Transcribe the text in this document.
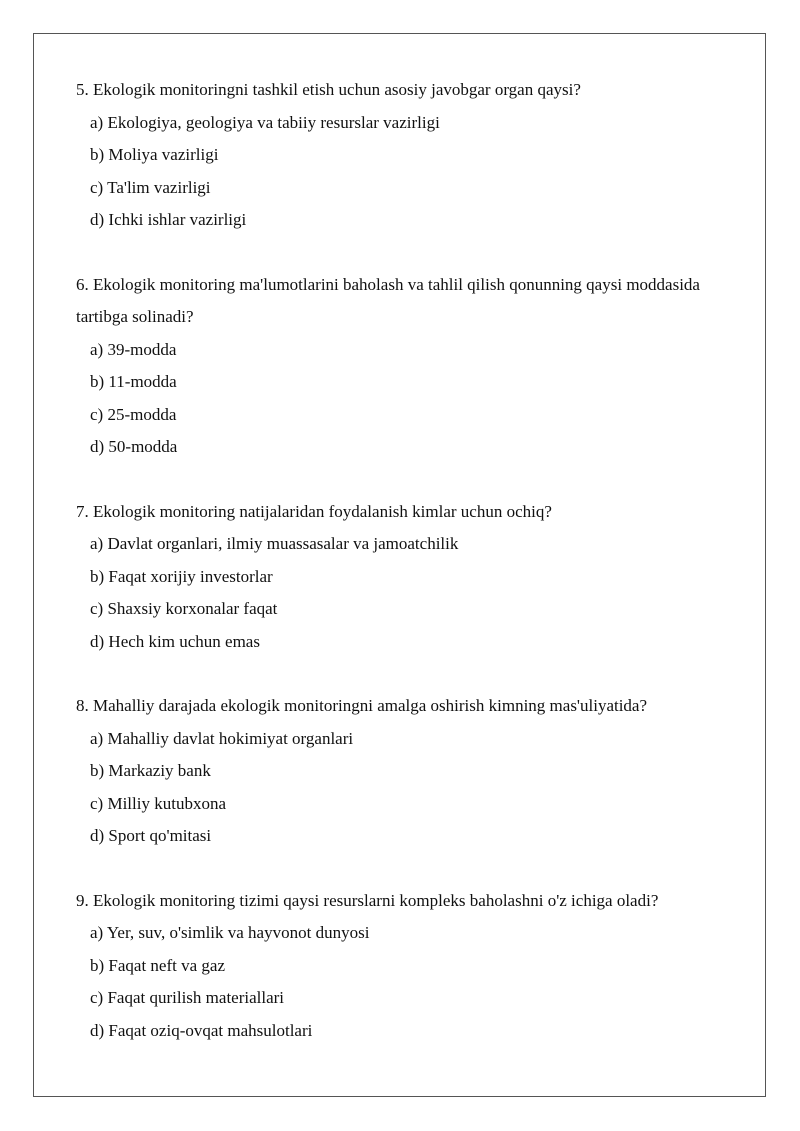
5. Ekologik monitoringni tashkil etish uchun asosiy javobgar organ qaysi?

a) Ekologiya, geologiya va tabiiy resurslar vazirligi
b) Moliya vazirligi
c) Ta'lim vazirligi
d) Ichki ishlar vazirligi

6. Ekologik monitoring ma'lumotlarini baholash va tahlil qilish qonunning qaysi moddasida tartibga solinadi?

a) 39-modda
b) 11-modda
c) 25-modda
d) 50-modda

7. Ekologik monitoring natijalaridan foydalanish kimlar uchun ochiq?

a) Davlat organlari, ilmiy muassasalar va jamoatchilik
b) Faqat xorijiy investorlar
c) Shaxsiy korxonalar faqat
d) Hech kim uchun emas

8. Mahalliy darajada ekologik monitoringni amalga oshirish kimning mas'uliyatida?

a) Mahalliy davlat hokimiyat organlari
b) Markaziy bank
c) Milliy kutubxona
d) Sport qo'mitasi

9. Ekologik monitoring tizimi qaysi resurslarni kompleks baholashni o'z ichiga oladi?

a) Yer, suv, o'simlik va hayvonot dunyosi
b) Faqat neft va gaz
c) Faqat qurilish materiallari
d) Faqat oziq-ovqat mahsulotlari
